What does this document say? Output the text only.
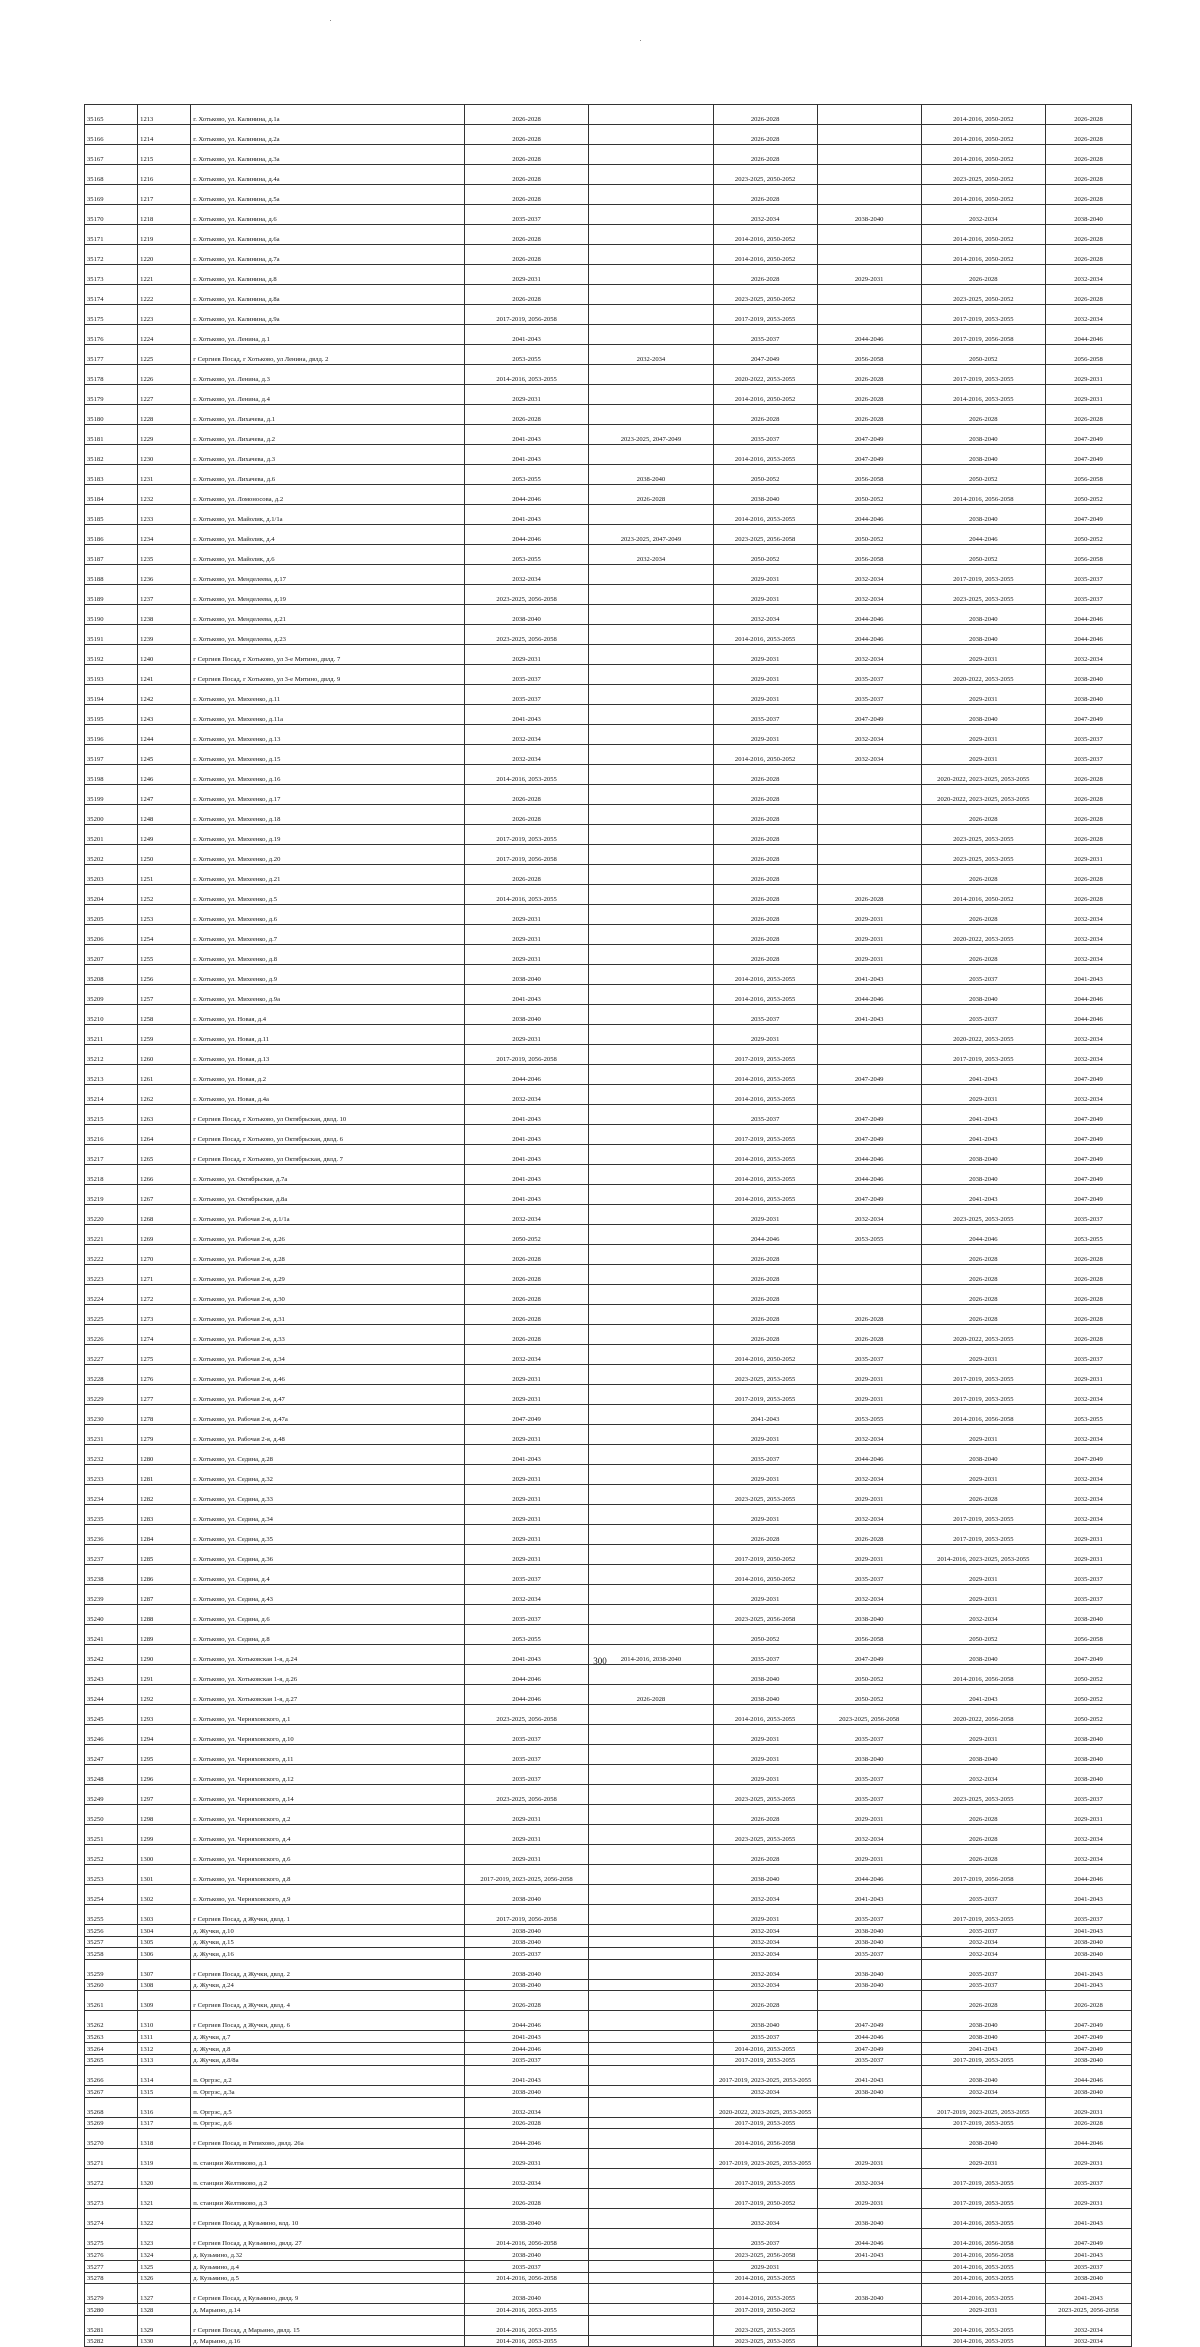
35165	1213	г. Хотьково, ул. Калинина, д.1а	2026-2028		2026-2028		2014-2016, 2050-2052	2026-2028
35166	1214	г. Хотьково, ул. Калинина, д.2а	2026-2028		2026-2028		2014-2016, 2050-2052	2026-2028
35167	1215	г. Хотьково, ул. Калинина, д.3а	2026-2028		2026-2028		2014-2016, 2050-2052	2026-2028
35168	1216	г. Хотьково, ул. Калинина, д.4а	2026-2028		2023-2025, 2050-2052		2023-2025, 2050-2052	2026-2028
35169	1217	г. Хотьково, ул. Калинина, д.5а	2026-2028		2026-2028		2014-2016, 2050-2052	2026-2028
35170	1218	г. Хотьково, ул. Калинина, д.6	2035-2037		2032-2034	2038-2040	2032-2034	2038-2040
35171	1219	г. Хотьково, ул. Калинина, д.6а	2026-2028		2014-2016, 2050-2052		2014-2016, 2050-2052	2026-2028
35172	1220	г. Хотьково, ул. Калинина, д.7а	2026-2028		2014-2016, 2050-2052		2014-2016, 2050-2052	2026-2028
35173	1221	г. Хотьково, ул. Калинина, д.8	2029-2031		2026-2028	2029-2031	2026-2028	2032-2034
35174	1222	г. Хотьково, ул. Калинина, д.8а	2026-2028		2023-2025, 2050-2052		2023-2025, 2050-2052	2026-2028
35175	1223	г. Хотьково, ул. Калинина, д.9а	2017-2019, 2056-2058		2017-2019, 2053-2055		2017-2019, 2053-2055	2032-2034
35176	1224	г. Хотьково, ул. Ленина, д.1	2041-2043		2035-2037	2044-2046	2017-2019, 2056-2058	2044-2046
35177	1225	г Сергиев Посад, г Хотьково, ул Ленина, двлд. 2	2053-2055	2032-2034	2047-2049	2056-2058	2050-2052	2056-2058
35178	1226	г. Хотьково, ул. Ленина, д.3	2014-2016, 2053-2055		2020-2022, 2053-2055	2026-2028	2017-2019, 2053-2055	2029-2031
35179	1227	г. Хотьково, ул. Ленина, д.4	2029-2031		2014-2016, 2050-2052	2026-2028	2014-2016, 2053-2055	2029-2031
35180	1228	г. Хотьково, ул. Лихачева, д.1	2026-2028		2026-2028	2026-2028	2026-2028	2026-2028
35181	1229	г. Хотьково, ул. Лихачева, д.2	2041-2043	2023-2025, 2047-2049	2035-2037	2047-2049	2038-2040	2047-2049
35182	1230	г. Хотьково, ул. Лихачева, д.3	2041-2043		2014-2016, 2053-2055	2047-2049	2038-2040	2047-2049
35183	1231	г. Хотьково, ул. Лихачева, д.6	2053-2055	2038-2040	2050-2052	2056-2058	2050-2052	2056-2058
35184	1232	г. Хотьково, ул. Ломоносова, д.2	2044-2046	2026-2028	2038-2040	2050-2052	2014-2016, 2056-2058	2050-2052
35185	1233	г. Хотьково, ул. Майолик, д.1/1а	2041-2043		2014-2016, 2053-2055	2044-2046	2038-2040	2047-2049
35186	1234	г. Хотьково, ул. Майолик, д.4	2044-2046	2023-2025, 2047-2049	2023-2025, 2056-2058	2050-2052	2044-2046	2050-2052
35187	1235	г. Хотьково, ул. Майолик, д.6	2053-2055	2032-2034	2050-2052	2056-2058	2050-2052	2056-2058
35188	1236	г. Хотьково, ул. Менделеева, д.17	2032-2034		2029-2031	2032-2034	2017-2019, 2053-2055	2035-2037
35189	1237	г. Хотьково, ул. Менделеева, д.19	2023-2025, 2056-2058		2029-2031	2032-2034	2023-2025, 2053-2055	2035-2037
35190	1238	г. Хотьково, ул. Менделеева, д.21	2038-2040		2032-2034	2044-2046	2038-2040	2044-2046
35191	1239	г. Хотьково, ул. Менделеева, д.23	2023-2025, 2056-2058		2014-2016, 2053-2055	2044-2046	2038-2040	2044-2046
35192	1240	г Сергиев Посад, г Хотьково, ул 3-е Митино, двлд. 7	2029-2031		2029-2031	2032-2034	2029-2031	2032-2034
35193	1241	г Сергиев Посад, г Хотьково, ул 3-е Митино, двлд. 9	2035-2037		2029-2031	2035-2037	2020-2022, 2053-2055	2038-2040
35194	1242	г. Хотьково, ул. Михеенко, д.11	2035-2037		2029-2031	2035-2037	2029-2031	2038-2040
35195	1243	г. Хотьково, ул. Михеенко, д.11а	2041-2043		2035-2037	2047-2049	2038-2040	2047-2049
35196	1244	г. Хотьково, ул. Михеенко, д.13	2032-2034		2029-2031	2032-2034	2029-2031	2035-2037
35197	1245	г. Хотьково, ул. Михеенко, д.15	2032-2034		2014-2016, 2050-2052	2032-2034	2029-2031	2035-2037
35198	1246	г. Хотьково, ул. Михеенко, д.16	2014-2016, 2053-2055		2026-2028		2020-2022, 2023-2025, 2053-2055	2026-2028
35199	1247	г. Хотьково, ул. Михеенко, д.17	2026-2028		2026-2028		2020-2022, 2023-2025, 2053-2055	2026-2028
35200	1248	г. Хотьково, ул. Михеенко, д.18	2026-2028		2026-2028		2026-2028	2026-2028
35201	1249	г. Хотьково, ул. Михеенко, д.19	2017-2019, 2053-2055		2026-2028		2023-2025, 2053-2055	2026-2028
35202	1250	г. Хотьково, ул. Михеенко, д.20	2017-2019, 2056-2058		2026-2028		2023-2025, 2053-2055	2029-2031
35203	1251	г. Хотьково, ул. Михеенко, д.21	2026-2028		2026-2028		2026-2028	2026-2028
35204	1252	г. Хотьково, ул. Михеенко, д.5	2014-2016, 2053-2055		2026-2028	2026-2028	2014-2016, 2050-2052	2026-2028
35205	1253	г. Хотьково, ул. Михеенко, д.6	2029-2031		2026-2028	2029-2031	2026-2028	2032-2034
35206	1254	г. Хотьково, ул. Михеенко, д.7	2029-2031		2026-2028	2029-2031	2020-2022, 2053-2055	2032-2034
35207	1255	г. Хотьково, ул. Михеенко, д.8	2029-2031		2026-2028	2029-2031	2026-2028	2032-2034
35208	1256	г. Хотьково, ул. Михеенко, д.9	2038-2040		2014-2016, 2053-2055	2041-2043	2035-2037	2041-2043
35209	1257	г. Хотьково, ул. Михеенко, д.9а	2041-2043		2014-2016, 2053-2055	2044-2046	2038-2040	2044-2046
35210	1258	г. Хотьково, ул. Новая, д.4	2038-2040		2035-2037	2041-2043	2035-2037	2044-2046
35211	1259	г. Хотьково, ул. Новая, д.11	2029-2031		2029-2031		2020-2022, 2053-2055	2032-2034
35212	1260	г. Хотьково, ул. Новая, д.13	2017-2019, 2056-2058		2017-2019, 2053-2055		2017-2019, 2053-2055	2032-2034
35213	1261	г. Хотьково, ул. Новая, д.2	2044-2046		2014-2016, 2053-2055	2047-2049	2041-2043	2047-2049
35214	1262	г. Хотьково, ул. Новая, д.4а	2032-2034		2014-2016, 2053-2055		2029-2031	2032-2034
35215	1263	г Сергиев Посад, г Хотьково, ул Октябрьская, двлд. 10	2041-2043		2035-2037	2047-2049	2041-2043	2047-2049
35216	1264	г Сергиев Посад, г Хотьково, ул Октябрьская, двлд. 6	2041-2043		2017-2019, 2053-2055	2047-2049	2041-2043	2047-2049
35217	1265	г Сергиев Посад, г Хотьково, ул Октябрьская, двлд. 7	2041-2043		2014-2016, 2053-2055	2044-2046	2038-2040	2047-2049
35218	1266	г. Хотьково, ул. Октябрьская, д.7а	2041-2043		2014-2016, 2053-2055	2044-2046	2038-2040	2047-2049
35219	1267	г. Хотьково, ул. Октябрьская, д.8а	2041-2043		2014-2016, 2053-2055	2047-2049	2041-2043	2047-2049
35220	1268	г. Хотьково, ул. Рабочая 2-я, д.1/1а	2032-2034		2029-2031	2032-2034	2023-2025, 2053-2055	2035-2037
35221	1269	г. Хотьково, ул. Рабочая 2-я, д.26	2050-2052		2044-2046	2053-2055	2044-2046	2053-2055
35222	1270	г. Хотьково, ул. Рабочая 2-я, д.28	2026-2028		2026-2028		2026-2028	2026-2028
35223	1271	г. Хотьково, ул. Рабочая 2-я, д.29	2026-2028		2026-2028		2026-2028	2026-2028
35224	1272	г. Хотьково, ул. Рабочая 2-я, д.30	2026-2028		2026-2028		2026-2028	2026-2028
35225	1273	г. Хотьково, ул. Рабочая 2-я, д.31	2026-2028		2026-2028	2026-2028	2026-2028	2026-2028
35226	1274	г. Хотьково, ул. Рабочая 2-я, д.33	2026-2028		2026-2028	2026-2028	2020-2022, 2053-2055	2026-2028
35227	1275	г. Хотьково, ул. Рабочая 2-я, д.34	2032-2034		2014-2016, 2050-2052	2035-2037	2029-2031	2035-2037
35228	1276	г. Хотьково, ул. Рабочая 2-я, д.46	2029-2031		2023-2025, 2053-2055	2029-2031	2017-2019, 2053-2055	2029-2031
35229	1277	г. Хотьково, ул. Рабочая 2-я, д.47	2029-2031		2017-2019, 2053-2055	2029-2031	2017-2019, 2053-2055	2032-2034
35230	1278	г. Хотьково, ул. Рабочая 2-я, д.47а	2047-2049		2041-2043	2053-2055	2014-2016, 2056-2058	2053-2055
35231	1279	г. Хотьково, ул. Рабочая 2-я, д.48	2029-2031		2029-2031	2032-2034	2029-2031	2032-2034
35232	1280	г. Хотьково, ул. Седина, д.28	2041-2043		2035-2037	2044-2046	2038-2040	2047-2049
35233	1281	г. Хотьково, ул. Седина, д.32	2029-2031		2029-2031	2032-2034	2029-2031	2032-2034
35234	1282	г. Хотьково, ул. Седина, д.33	2029-2031		2023-2025, 2053-2055	2029-2031	2026-2028	2032-2034
35235	1283	г. Хотьково, ул. Седина, д.34	2029-2031		2029-2031	2032-2034	2017-2019, 2053-2055	2032-2034
35236	1284	г. Хотьково, ул. Седина, д.35	2029-2031		2026-2028	2026-2028	2017-2019, 2053-2055	2029-2031
35237	1285	г. Хотьково, ул. Седина, д.36	2029-2031		2017-2019, 2050-2052	2029-2031	2014-2016, 2023-2025, 2053-2055	2029-2031
35238	1286	г. Хотьково, ул. Седина, д.4	2035-2037		2014-2016, 2050-2052	2035-2037	2029-2031	2035-2037
35239	1287	г. Хотьково, ул. Седина, д.43	2032-2034		2029-2031	2032-2034	2029-2031	2035-2037
35240	1288	г. Хотьково, ул. Седина, д.6	2035-2037		2023-2025, 2056-2058	2038-2040	2032-2034	2038-2040
35241	1289	г. Хотьково, ул. Седина, д.8	2053-2055		2050-2052	2056-2058	2050-2052	2056-2058
35242	1290	г. Хотьково, ул. Хотьковская 1-я, д.24	2041-2043	2014-2016, 2038-2040	2035-2037	2047-2049	2038-2040	2047-2049
35243	1291	г. Хотьково, ул. Хотьковская 1-я, д.26	2044-2046		2038-2040	2050-2052	2014-2016, 2056-2058	2050-2052
35244	1292	г. Хотьково, ул. Хотьковская 1-я, д.27	2044-2046	2026-2028	2038-2040	2050-2052	2041-2043	2050-2052
35245	1293	г. Хотьково, ул. Черняховского, д.1	2023-2025, 2056-2058		2014-2016, 2053-2055	2023-2025, 2056-2058	2020-2022, 2056-2058	2050-2052
35246	1294	г. Хотьково, ул. Черняховского, д.10	2035-2037		2029-2031	2035-2037	2029-2031	2038-2040
35247	1295	г. Хотьково, ул. Черняховского, д.11	2035-2037		2029-2031	2038-2040	2038-2040	2038-2040
35248	1296	г. Хотьково, ул. Черняховского, д.12	2035-2037		2029-2031	2035-2037	2032-2034	2038-2040
35249	1297	г. Хотьково, ул. Черняховского, д.14	2023-2025, 2056-2058		2023-2025, 2053-2055	2035-2037	2023-2025, 2053-2055	2035-2037
35250	1298	г. Хотьково, ул. Черняховского, д.2	2029-2031		2026-2028	2029-2031	2026-2028	2029-2031
35251	1299	г. Хотьково, ул. Черняховского, д.4	2029-2031		2023-2025, 2053-2055	2032-2034	2026-2028	2032-2034
35252	1300	г. Хотьково, ул. Черняховского, д.6	2029-2031		2026-2028	2029-2031	2026-2028	2032-2034
35253	1301	г. Хотьково, ул. Черняховского, д.8	2017-2019, 2023-2025, 2056-2058		2038-2040	2044-2046	2017-2019, 2056-2058	2044-2046
35254	1302	г. Хотьково, ул. Черняховского, д.9	2038-2040		2032-2034	2041-2043	2035-2037	2041-2043
35255	1303	г Сергиев Посад, д Жучки, двлд. 1	2017-2019, 2056-2058		2029-2031	2035-2037	2017-2019, 2053-2055	2035-2037
35256	1304	д. Жучки, д.10	2038-2040		2032-2034	2038-2040	2035-2037	2041-2043
35257	1305	д. Жучки, д.15	2038-2040		2032-2034	2038-2040	2032-2034	2038-2040
35258	1306	д. Жучки, д.16	2035-2037		2032-2034	2035-2037	2032-2034	2038-2040
35259	1307	г Сергиев Посад, д Жучки, двлд. 2	2038-2040		2032-2034	2038-2040	2035-2037	2041-2043
35260	1308	д. Жучки, д.24	2038-2040		2032-2034	2038-2040	2035-2037	2041-2043
35261	1309	г Сергиев Посад, д Жучки, двлд. 4	2026-2028		2026-2028		2026-2028	2026-2028
35262	1310	г Сергиев Посад, д Жучки, двлд. 6	2044-2046		2038-2040	2047-2049	2038-2040	2047-2049
35263	1311	д. Жучки, д.7	2041-2043		2035-2037	2044-2046	2038-2040	2047-2049
35264	1312	д. Жучки, д.8	2044-2046		2014-2016, 2053-2055	2047-2049	2041-2043	2047-2049
35265	1313	д. Жучки, д.8/8а	2035-2037		2017-2019, 2053-2055	2035-2037	2017-2019, 2053-2055	2038-2040
35266	1314	п. Оргрэс, д.2	2041-2043		2017-2019, 2023-2025, 2053-2055	2041-2043	2038-2040	2044-2046
35267	1315	п. Оргрэс, д.3а	2038-2040		2032-2034	2038-2040	2032-2034	2038-2040
35268	1316	п. Оргрэс, д.5	2032-2034		2020-2022, 2023-2025, 2053-2055		2017-2019, 2023-2025, 2053-2055	2029-2031
35269	1317	п. Оргрэс, д.6	2026-2028		2017-2019, 2053-2055		2017-2019, 2053-2055	2026-2028
35270	1318	г Сергиев Посад, п Репихово, двлд. 26а	2044-2046		2014-2016, 2056-2058		2038-2040	2044-2046
35271	1319	п. станции Желтиково, д.1	2029-2031		2017-2019, 2023-2025, 2053-2055	2029-2031	2029-2031	2029-2031
35272	1320	п. станции Желтиково, д.2	2032-2034		2017-2019, 2053-2055	2032-2034	2017-2019, 2053-2055	2035-2037
35273	1321	п. станции Желтиково, д.3	2026-2028		2017-2019, 2050-2052	2029-2031	2017-2019, 2053-2055	2029-2031
35274	1322	г Сергиев Посад, д Кузьмино, влд. 10	2038-2040		2032-2034	2038-2040	2014-2016, 2053-2055	2041-2043
35275	1323	г Сергиев Посад, д Кузьмино, двлд. 27	2014-2016, 2056-2058		2035-2037	2044-2046	2014-2016, 2056-2058	2047-2049
35276	1324	д. Кузьмино, д.32	2038-2040		2023-2025, 2056-2058	2041-2043	2014-2016, 2056-2058	2041-2043
35277	1325	д. Кузьмино, д.4	2035-2037		2029-2031		2014-2016, 2053-2055	2035-2037
35278	1326	д. Кузьмино, д.5	2014-2016, 2056-2058		2014-2016, 2053-2055		2014-2016, 2053-2055	2038-2040
35279	1327	г Сергиев Посад, д Кузьмино, двлд. 9	2038-2040		2014-2016, 2053-2055	2038-2040	2014-2016, 2053-2055	2041-2043
35280	1328	д. Марьино, д.14	2014-2016, 2053-2055		2017-2019, 2050-2052		2029-2031	2023-2025, 2056-2058
35281	1329	г Сергиев Посад, д Марьино, двлд. 15	2014-2016, 2053-2055		2023-2025, 2053-2055		2014-2016, 2053-2055	2032-2034
35282	1330	д. Марьино, д.16	2014-2016, 2053-2055		2023-2025, 2053-2055		2014-2016, 2053-2055	2032-2034
300
